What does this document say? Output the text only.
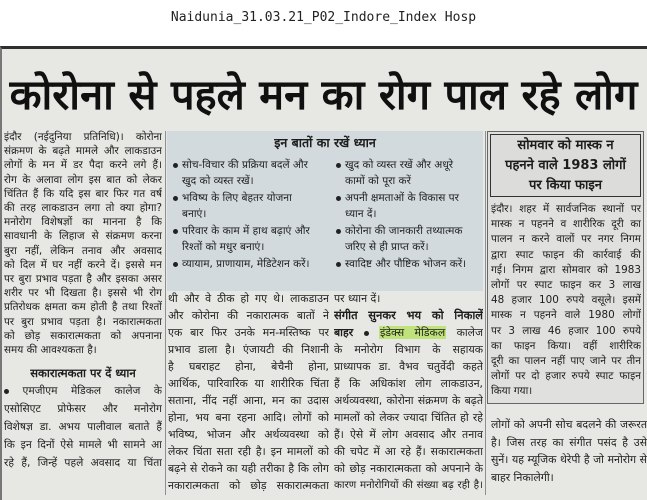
Naidunia_31.03.21_P02_Indore_Index Hosp
कोरोना से पहले मन का रोग पाल रहे लोग
इंदौर (नईदुनिया प्रतिनिधि)। कोरोना
संक्रमण के बढ़ते मामले और लाकडाउन
लोगों के मन में डर पैदा करने लगे हैं।
रोग के अलावा लोग इस बात को लेकर
चिंतित हैं कि यदि इस बार फिर गत वर्ष
की तरह लाकडाउन लगा तो क्या होगा?
मनोरोग विशेषज्ञों का मानना है कि
सावधानी के लिहाज से संक्रमण करना
बुरा नहीं, लेकिन तनाव और अवसाद
को दिल में घर नहीं करने दें। इससे मन
पर बुरा प्रभाव पड़ता है और इसका असर
शरीर पर भी दिखता है। इससे भी रोग
प्रतिरोधक क्षमता कम होती है तथा रिश्तों
पर बुरा प्रभाव पड़ता है। नकारात्मकता
को छोड़ सकारात्मकता को अपनाना
समय की आवश्यकता है।
सकारात्मकता पर दें ध्यान
एमजीएम मेडिकल कालेज के
एसोसिएट प्रोफेसर और मनोरोग
विशेषज्ञ डा. अभय पालीवाल बताते हैं
कि इन दिनों ऐसे मामले भी सामने आ
रहे हैं, जिन्हें पहले अवसाद या चिंता
इन बातों का रखें ध्यान
सोच-विचार की प्रक्रिया बदलें और
खुद को व्यस्त रखें।
भविष्य के लिए बेहतर योजना
बनाएं।
परिवार के काम में हाथ बढ़ाएं और
रिश्तों को मधुर बनाएं।
व्यायाम, प्राणायाम, मेडिटेशन करें।
खुद को व्यस्त रखें और अधूरे
कामों को पूरा करें
अपनी क्षमताओं के विकास पर
ध्यान दें।
कोरोना की जानकारी तथ्यात्मक
जरिए से ही प्राप्त करें।
स्वादिष्ट और पौष्टिक भोजन करें।
थी और वे ठीक हो गए थे। लाकडाउन
और कोरोना की नकारात्मक बातों ने
एक बार फिर उनके मन-मस्तिष्क पर
प्रभाव डाला है। एंजायटी की निशानी
है घबराहट होना, बेचैनी होना,
आर्थिक, पारिवारिक या शारीरिक चिंता
सताना, नींद नहीं आना, मन का उदास
होना, भय बना रहना आदि। लोगों को
भविष्य, भोजन और अर्थव्यवस्था को
लेकर चिंता सता रही है। इन मामलों को
बढ़ने से रोकने का यही तरीका है कि लोग
नकारात्मकता को छोड़ सकारात्मकता
पर ध्यान दें।
संगीत सुनकर भय को निकालें
बाहर इंडेक्स मेडिकल कालेज
के मनोरोग विभाग के सहायक
प्राध्यापक डा. वैभव चतुर्वेदी कहते
हैं कि अधिकांश लोग लाकडाउन,
अर्थव्यवस्था, कोरोना संक्रमण के बढ़ते
मामलों को लेकर ज्यादा चिंतित हो रहे
हैं। ऐसे में लोग अवसाद और तनाव
की चपेट में आ रहे हैं। सकारात्मकता
को छोड़ नकारात्मकता को अपनाने के
कारण मनोरोगियों की संख्या बढ़ रही है।
सोमवार को मास्क न
पहनने वाले 1983 लोगों
पर किया फाइन
इंदौर। शहर में सार्वजनिक स्थानों पर
मास्क न पहनने व शारीरिक दूरी का
पालन न करने वालों पर नगर निगम
द्वारा स्पाट फाइन की कार्रवाई की
गई। निगम द्वारा सोमवार को 1983
लोगों पर स्पाट फाइन कर 3 लाख
48 हजार 100 रुपये वसूले। इसमें
मास्क न पहनने वाले 1980 लोगों
पर 3 लाख 46 हजार 100 रुपये
का फाइन किया। वहीं शारीरिक
दूरी का पालन नहीं पाए जाने पर तीन
लोगों पर दो हजार रुपये स्पाट फाइन
किया गया।
लोगों को अपनी सोच बदलने की जरूरत
है। जिस तरह का संगीत पसंद है उसे
सुनें। यह म्यूजिक थेरेपी है जो मनोरोग से
बाहर निकालेगी।
